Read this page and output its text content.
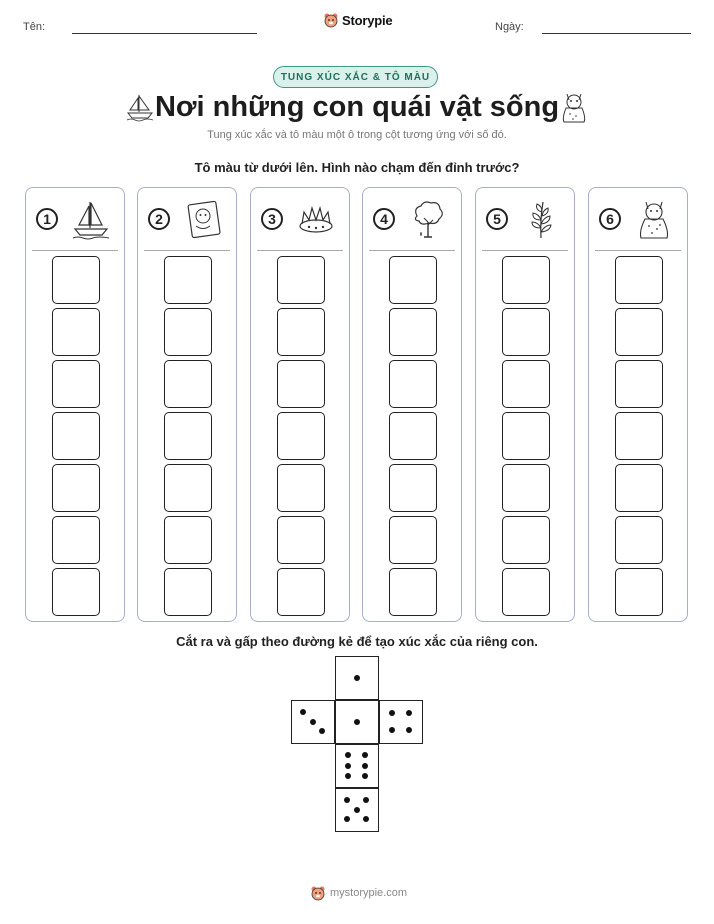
Tên:	Storypie	Ngày:
TUNG XÚC XẮC & TÔ MÀU
Nơi những con quái vật sống
Tung xúc xắc và tô màu một ô trong cột tương ứng với số đó.
Tô màu từ dưới lên. Hình nào chạm đến đỉnh trước?
1	2	3	4	5	6
Cắt ra và gấp theo đường kẻ để tạo xúc xắc của riêng con.
mystorypie.com
